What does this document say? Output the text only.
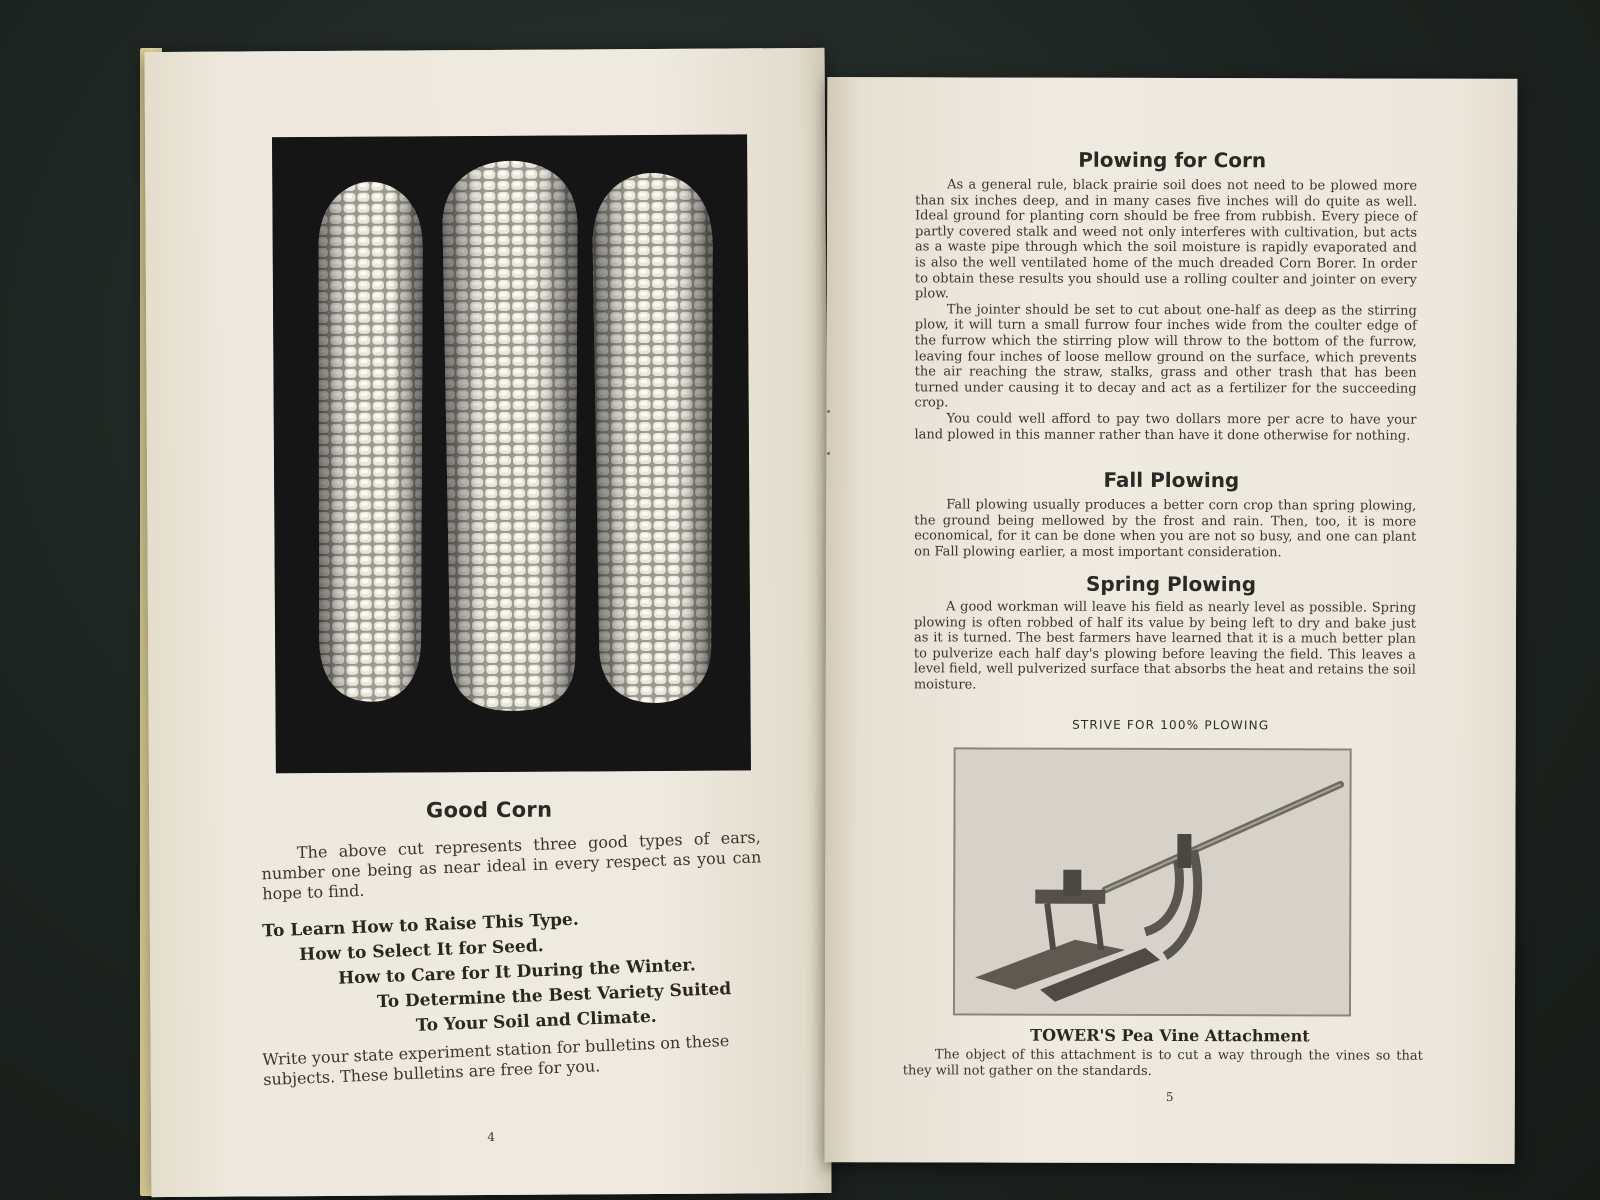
Good Corn
The above cut represents three good types of ears, number one being as near ideal in every respect as you can hope to find.
To Learn How to Raise This Type.
How to Select It for Seed.
How to Care for It During the Winter.
To Determine the Best Variety Suited
To Your Soil and Climate.
Write your state experiment station for bulletins on these subjects. These bulletins are free for you.
4
Plowing for Corn

As a general rule, black prairie soil does not need to be plowed more than six inches deep, and in many cases five inches will do quite as well. Ideal ground for planting corn should be free from rubbish. Every piece of partly covered stalk and weed not only interferes with cultivation, but acts as a waste pipe through which the soil moisture is rapidly evaporated and is also the well ventilated home of the much dreaded Corn Borer. In order to obtain these results you should use a rolling coulter and jointer on every plow.

The jointer should be set to cut about one-half as deep as the stirring plow, it will turn a small furrow four inches wide from the coulter edge of the furrow which the stirring plow will throw to the bottom of the furrow, leaving four inches of loose mellow ground on the surface, which prevents the air reaching the straw, stalks, grass and other trash that has been turned under causing it to decay and act as a fertilizer for the succeeding crop.

You could well afford to pay two dollars more per acre to have your land plowed in this manner rather than have it done otherwise for nothing.

Fall Plowing

Fall plowing usually produces a better corn crop than spring plowing, the ground being mellowed by the frost and rain. Then, too, it is more economical, for it can be done when you are not so busy, and one can plant on Fall plowing earlier, a most important consideration.

Spring Plowing

A good workman will leave his field as nearly level as possible. Spring plowing is often robbed of half its value by being left to dry and bake just as it is turned. The best farmers have learned that it is a much better plan to pulverize each half day's plowing before leaving the field. This leaves a level field, well pulverized surface that absorbs the heat and retains the soil moisture.

STRIVE FOR 100% PLOWING
TOWER'S Pea Vine Attachment
The object of this attachment is to cut a way through the vines so that they will not gather on the standards.
5
